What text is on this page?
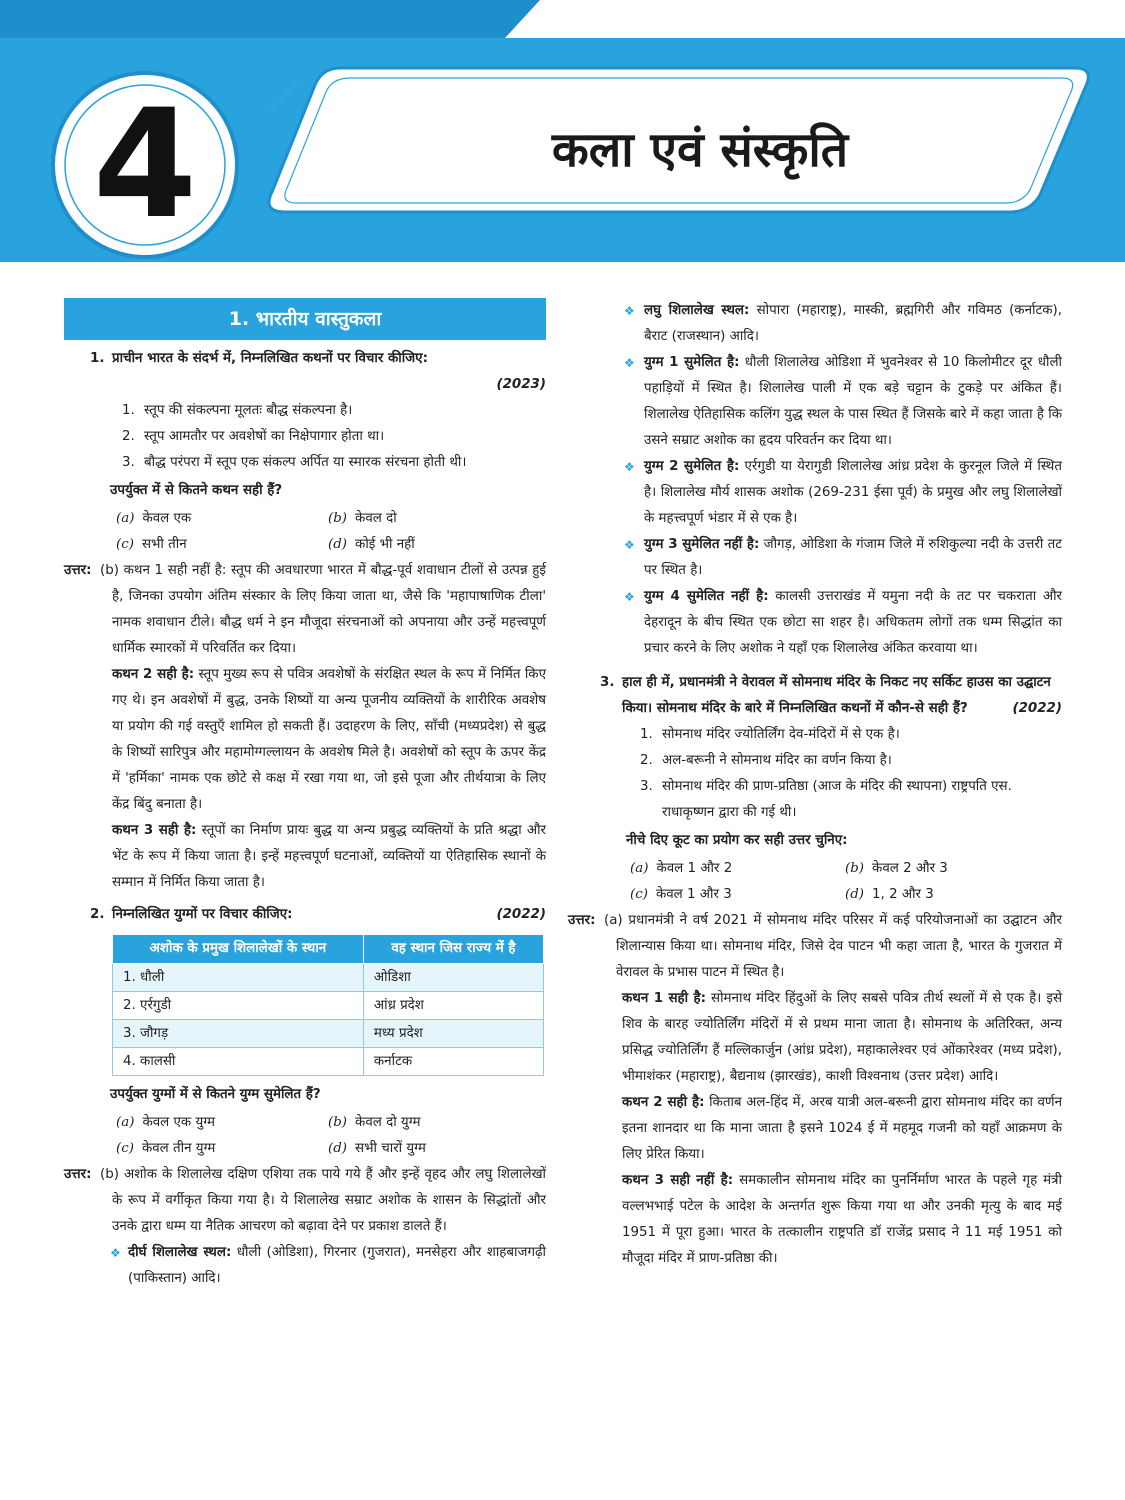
4	कला एवं संस्कृति
1. भारतीय वास्तुकला

1. प्राचीन भारत के संदर्भ में, निम्नलिखित कथनों पर विचार कीजिए:

(2023)

1. स्तूप की संकल्पना मूलतः बौद्ध संकल्पना है।

2. स्तूप आमतौर पर अवशेषों का निक्षेपागार होता था।

3. बौद्ध परंपरा में स्तूप एक संकल्प अर्पित या स्मारक संरचना होती थी।

उपर्युक्त में से कितने कथन सही हैं?

(a) केवल एक	(b) केवल दो
(c) सभी तीन	(d) कोई भी नहीं

उत्तर: (b) कथन 1 सही नहीं है: स्तूप की अवधारणा भारत में बौद्ध-पूर्व शवाधान टीलों से उत्पन्न हुई है, जिनका उपयोग अंतिम संस्कार के लिए किया जाता था, जैसे कि 'महापाषाणिक टीला' नामक शवाधान टीले। बौद्ध धर्म ने इन मौजूदा संरचनाओं को अपनाया और उन्हें महत्त्वपूर्ण धार्मिक स्मारकों में परिवर्तित कर दिया।

कथन 2 सही है: स्तूप मुख्य रूप से पवित्र अवशेषों के संरक्षित स्थल के रूप में निर्मित किए गए थे। इन अवशेषों में बुद्ध, उनके शिष्यों या अन्य पूजनीय व्यक्तियों के शारीरिक अवशेष या प्रयोग की गई वस्तुएँ शामिल हो सकती हैं। उदाहरण के लिए, साँची (मध्यप्रदेश) से बुद्ध के शिष्यों सारिपुत्र और महामोग्गल्लायन के अवशेष मिले है। अवशेषों को स्तूप के ऊपर केंद्र में 'हर्मिका' नामक एक छोटे से कक्ष में रखा गया था, जो इसे पूजा और तीर्थयात्रा के लिए केंद्र बिंदु बनाता है।

कथन 3 सही है: स्तूपों का निर्माण प्रायः बुद्ध या अन्य प्रबुद्ध व्यक्तियों के प्रति श्रद्धा और भेंट के रूप में किया जाता है। इन्हें महत्त्वपूर्ण घटनाओं, व्यक्तियों या ऐतिहासिक स्थानों के सम्मान में निर्मित किया जाता है।

2. निम्नलिखित युग्मों पर विचार कीजिए:	(2022)

अशोक के प्रमुख शिलालेखों के स्थान	वह स्थान जिस राज्य में है
1. धौली	ओडिशा
2. एर्रगुडी	आंध्र प्रदेश
3. जौगड़	मध्य प्रदेश
4. कालसी	कर्नाटक

उपर्युक्त युग्मों में से कितने युग्म सुमेलित हैं?

(a) केवल एक युग्म	(b) केवल दो युग्म
(c) केवल तीन युग्म	(d) सभी चारों युग्म

उत्तर: (b) अशोक के शिलालेख दक्षिण एशिया तक पाये गये हैं और इन्हें वृहद और लघु शिलालेखों के रूप में वर्गीकृत किया गया है। ये शिलालेख सम्राट अशोक के शासन के सिद्धांतों और उनके द्वारा धम्म या नैतिक आचरण को बढ़ावा देने पर प्रकाश डालते हैं।

❖ दीर्घ शिलालेख स्थल: धौली (ओडिशा), गिरनार (गुजरात), मनसेहरा और शाहबाजगढ़ी (पाकिस्तान) आदि।

❖ लघु शिलालेख स्थल: सोपारा (महाराष्ट्र), मास्की, ब्रह्मगिरी और गविमठ (कर्नाटक), बैराट (राजस्थान) आदि।

❖ युग्म 1 सुमेलित है: धौली शिलालेख ओडिशा में भुवनेश्वर से 10 किलोमीटर दूर धौली पहाड़ियों में स्थित है। शिलालेख पाली में एक बड़े चट्टान के टुकड़े पर अंकित हैं। शिलालेख ऐतिहासिक कलिंग युद्ध स्थल के पास स्थित हैं जिसके बारे में कहा जाता है कि उसने सम्राट अशोक का हृदय परिवर्तन कर दिया था।

❖ युग्म 2 सुमेलित है: एर्रगुडी या येरागुडी शिलालेख आंध्र प्रदेश के कुरनूल जिले में स्थित है। शिलालेख मौर्य शासक अशोक (269-231 ईसा पूर्व) के प्रमुख और लघु शिलालेखों के महत्त्वपूर्ण भंडार में से एक है।

❖ युग्म 3 सुमेलित नहीं है: जौगड़, ओडिशा के गंजाम जिले में रुशिकुल्या नदी के उत्तरी तट पर स्थित है।

❖ युग्म 4 सुमेलित नहीं है: कालसी उत्तराखंड में यमुना नदी के तट पर चकराता और देहरादून के बीच स्थित एक छोटा सा शहर है। अधिकतम लोगों तक धम्म सिद्धांत का प्रचार करने के लिए अशोक ने यहाँ एक शिलालेख अंकित करवाया था।

3. हाल ही में, प्रधानमंत्री ने वेरावल में सोमनाथ मंदिर के निकट नए सर्किट हाउस का उद्घाटन किया। सोमनाथ मंदिर के बारे में निम्नलिखित कथनों में कौन-से सही हैं?	(2022)

1. सोमनाथ मंदिर ज्योतिर्लिंग देव-मंदिरों में से एक है।

2. अल-बरूनी ने सोमनाथ मंदिर का वर्णन किया है।

3. सोमनाथ मंदिर की प्राण-प्रतिष्ठा (आज के मंदिर की स्थापना) राष्ट्रपति एस. राधाकृष्णन द्वारा की गई थी।

नीचे दिए कूट का प्रयोग कर सही उत्तर चुनिए:

(a) केवल 1 और 2	(b) केवल 2 और 3
(c) केवल 1 और 3	(d) 1, 2 और 3

उत्तर: (a) प्रधानमंत्री ने वर्ष 2021 में सोमनाथ मंदिर परिसर में कई परियोजनाओं का उद्घाटन और शिलान्यास किया था। सोमनाथ मंदिर, जिसे देव पाटन भी कहा जाता है, भारत के गुजरात में वेरावल के प्रभास पाटन में स्थित है।

कथन 1 सही है: सोमनाथ मंदिर हिंदुओं के लिए सबसे पवित्र तीर्थ स्थलों में से एक है। इसे शिव के बारह ज्योतिर्लिंग मंदिरों में से प्रथम माना जाता है। सोमनाथ के अतिरिक्त, अन्य प्रसिद्ध ज्योतिर्लिंग हैं मल्लिकार्जुन (आंध्र प्रदेश), महाकालेश्वर एवं ओंकारेश्वर (मध्य प्रदेश), भीमाशंकर (महाराष्ट्र), बैद्यनाथ (झारखंड), काशी विश्वनाथ (उत्तर प्रदेश) आदि।

कथन 2 सही है: किताब अल-हिंद में, अरब यात्री अल-बरूनी द्वारा सोमनाथ मंदिर का वर्णन इतना शानदार था कि माना जाता है इसने 1024 ई में महमूद गजनी को यहाँ आक्रमण के लिए प्रेरित किया।

कथन 3 सही नहीं है: समकालीन सोमनाथ मंदिर का पुनर्निर्माण भारत के पहले गृह मंत्री वल्लभभाई पटेल के आदेश के अन्तर्गत शुरू किया गया था और उनकी मृत्यु के बाद मई 1951 में पूरा हुआ। भारत के तत्कालीन राष्ट्रपति डॉ राजेंद्र प्रसाद ने 11 मई 1951 को मौजूदा मंदिर में प्राण-प्रतिष्ठा की।
